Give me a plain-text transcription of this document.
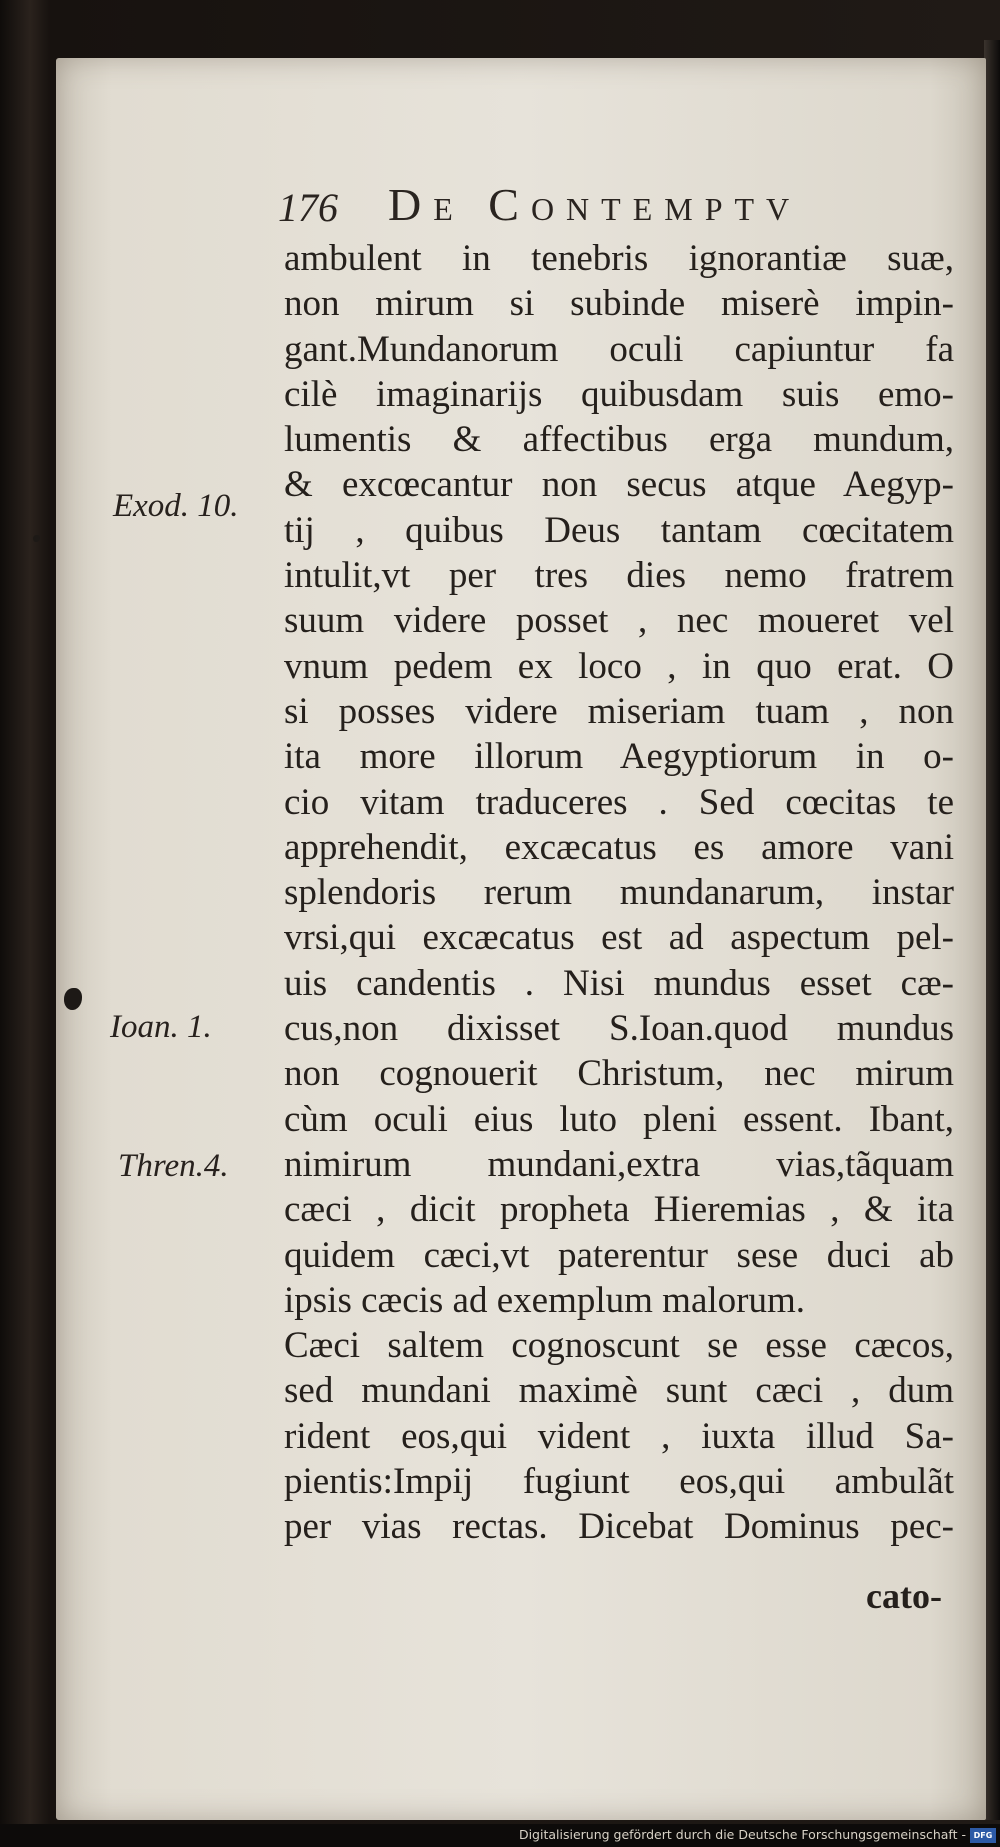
176 De Contemptv
Exod. 10.
Ioan. 1.
Thren.4.
ambulent in tenebris ignorantiæ suæ,
non mirum si subinde miserè impin-
gant.Mundanorum oculi capiuntur fa
cilè imaginarijs quibusdam suis emo-
lumentis & affectibus erga mundum,
& excœcantur non secus atque Aegyp-
tij , quibus Deus tantam cœcitatem
intulit,vt per tres dies nemo fratrem
suum videre posset , nec moueret vel
vnum pedem ex loco , in quo erat. O
si posses videre miseriam tuam , non
ita more illorum Aegyptiorum in o-
cio vitam traduceres . Sed cœcitas te
apprehendit, excæcatus es amore vani
splendoris rerum mundanarum, instar
vrsi,qui excæcatus est ad aspectum pel-
uis candentis . Nisi mundus esset cæ-
cus,non dixisset S.Ioan.quod mundus
non cognouerit Christum, nec mirum
cùm oculi eius luto pleni essent. Ibant,
nimirum mundani,extra vias,tãquam
cæci , dicit propheta Hieremias , & ita
quidem cæci,vt paterentur sese duci ab
ipsis cæcis ad exemplum malorum.
Cæci saltem cognoscunt se esse cæcos,
sed mundani maximè sunt cæci , dum
rident eos,qui vident , iuxta illud Sa-
pientis:Impij fugiunt eos,qui ambulãt
per vias rectas. Dicebat Dominus pec-
cato-
Digitalisierung gefördert durch die Deutsche Forschungsgemeinschaft - DFG
